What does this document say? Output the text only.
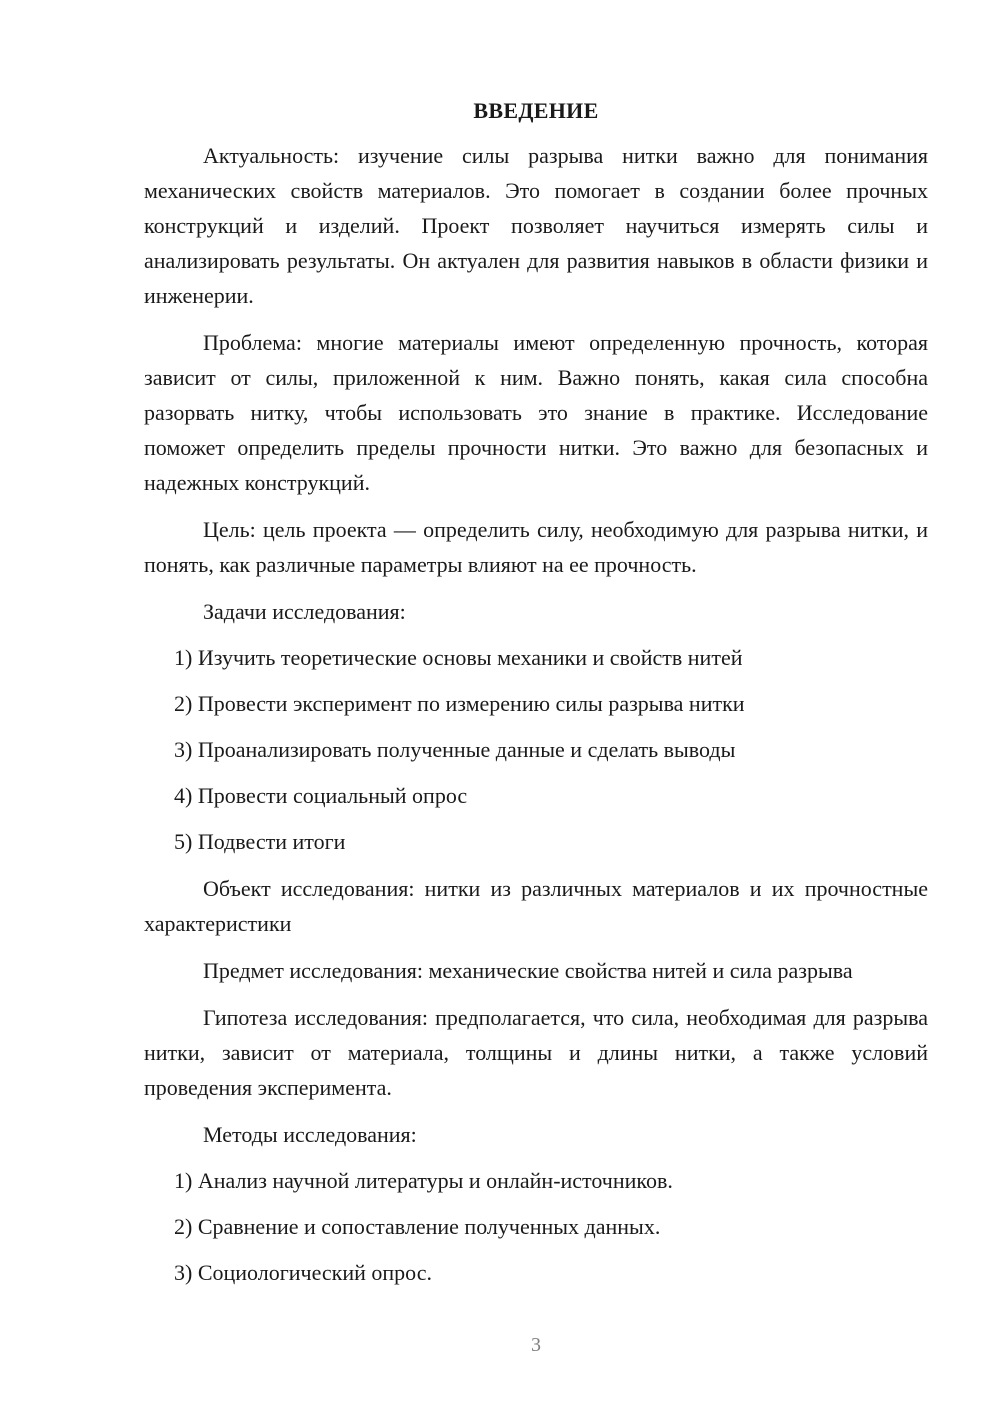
ВВЕДЕНИЕ

Актуальность: изучение силы разрыва нитки важно для понимания механических свойств материалов. Это помогает в создании более прочных конструкций и изделий. Проект позволяет научиться измерять силы и анализировать результаты. Он актуален для развития навыков в области физики и инженерии.

Проблема: многие материалы имеют определенную прочность, которая зависит от силы, приложенной к ним. Важно понять, какая сила способна разорвать нитку, чтобы использовать это знание в практике. Исследование поможет определить пределы прочности нитки. Это важно для безопасных и надежных конструкций.

Цель: цель проекта — определить силу, необходимую для разрыва нитки, и понять, как различные параметры влияют на ее прочность.

Задачи исследования:

1) Изучить теоретические основы механики и свойств нитей

2) Провести эксперимент по измерению силы разрыва нитки

3) Проанализировать полученные данные и сделать выводы

4) Провести социальный опрос

5) Подвести итоги

Объект исследования: нитки из различных материалов и их прочностные характеристики

Предмет исследования: механические свойства нитей и сила разрыва

Гипотеза исследования: предполагается, что сила, необходимая для разрыва нитки, зависит от материала, толщины и длины нитки, а также условий проведения эксперимента.

Методы исследования:

1) Анализ научной литературы и онлайн-источников.

2) Сравнение и сопоставление полученных данных.

3) Социологический опрос.

3
